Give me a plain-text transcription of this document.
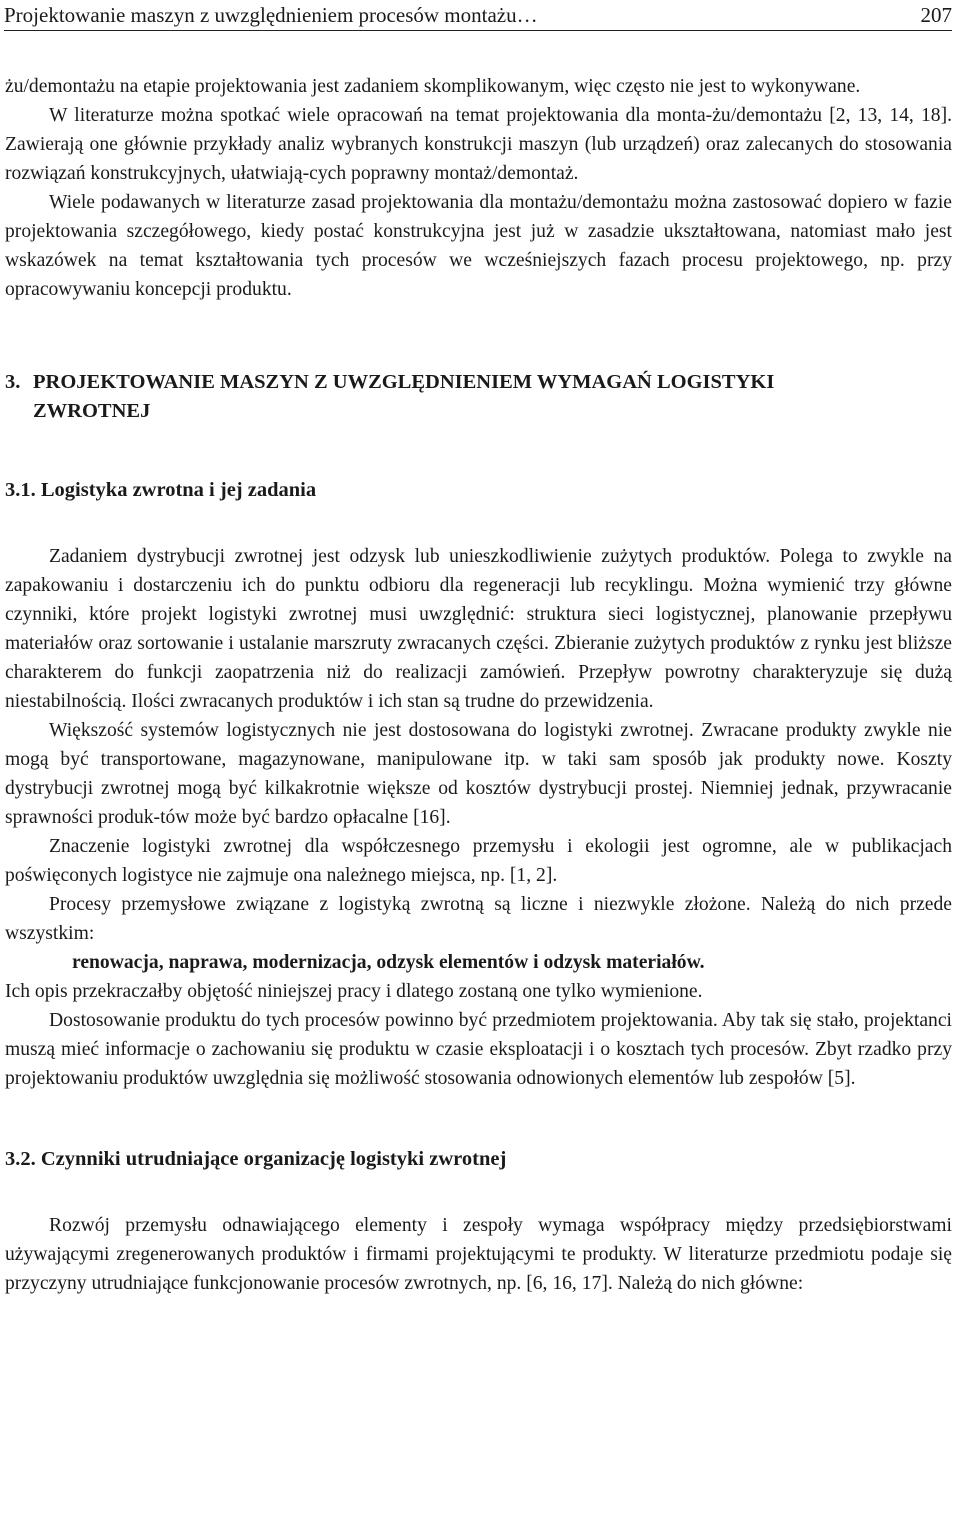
Projektowanie maszyn z uwzględnieniem procesów montażu…	207

żu/demontażu na etapie projektowania jest zadaniem skomplikowanym, więc często nie jest to wykonywane.

W literaturze można spotkać wiele opracowań na temat projektowania dla monta-żu/demontażu [2, 13, 14, 18]. Zawierają one głównie przykłady analiz wybranych konstrukcji maszyn (lub urządzeń) oraz zalecanych do stosowania rozwiązań konstrukcyjnych, ułatwiają-cych poprawny montaż/demontaż.

Wiele podawanych w literaturze zasad projektowania dla montażu/demontażu można zastosować dopiero w fazie projektowania szczegółowego, kiedy postać konstrukcyjna jest już w zasadzie ukształtowana, natomiast mało jest wskazówek na temat kształtowania tych procesów we wcześniejszych fazach procesu projektowego, np. przy opracowywaniu koncepcji produktu.

3. PROJEKTOWANIE MASZYN Z UWZGLĘDNIENIEM WYMAGAŃ LOGISTYKI
ZWROTNEJ
3.1. Logistyka zwrotna i jej zadania

Zadaniem dystrybucji zwrotnej jest odzysk lub unieszkodliwienie zużytych produktów. Polega to zwykle na zapakowaniu i dostarczeniu ich do punktu odbioru dla regeneracji lub recyklingu. Można wymienić trzy główne czynniki, które projekt logistyki zwrotnej musi uwzględnić: struktura sieci logistycznej, planowanie przepływu materiałów oraz sortowanie i ustalanie marszruty zwracanych części. Zbieranie zużytych produktów z rynku jest bliższe charakterem do funkcji zaopatrzenia niż do realizacji zamówień. Przepływ powrotny charakteryzuje się dużą niestabilnością. Ilości zwracanych produktów i ich stan są trudne do przewidzenia.

Większość systemów logistycznych nie jest dostosowana do logistyki zwrotnej. Zwracane produkty zwykle nie mogą być transportowane, magazynowane, manipulowane itp. w taki sam sposób jak produkty nowe. Koszty dystrybucji zwrotnej mogą być kilkakrotnie większe od kosztów dystrybucji prostej. Niemniej jednak, przywracanie sprawności produk-tów może być bardzo opłacalne [16].

Znaczenie logistyki zwrotnej dla współczesnego przemysłu i ekologii jest ogromne, ale w publikacjach poświęconych logistyce nie zajmuje ona należnego miejsca, np. [1, 2].

Procesy przemysłowe związane z logistyką zwrotną są liczne i niezwykle złożone. Należą do nich przede wszystkim:

renowacja, naprawa, modernizacja, odzysk elementów i odzysk materiałów.

Ich opis przekraczałby objętość niniejszej pracy i dlatego zostaną one tylko wymienione.

Dostosowanie produktu do tych procesów powinno być przedmiotem projektowania. Aby tak się stało, projektanci muszą mieć informacje o zachowaniu się produktu w czasie eksploatacji i o kosztach tych procesów. Zbyt rzadko przy projektowaniu produktów uwzględnia się możliwość stosowania odnowionych elementów lub zespołów [5].

3.2. Czynniki utrudniające organizację logistyki zwrotnej

Rozwój przemysłu odnawiającego elementy i zespoły wymaga współpracy między przedsiębiorstwami używającymi zregenerowanych produktów i firmami projektującymi te produkty. W literaturze przedmiotu podaje się przyczyny utrudniające funkcjonowanie procesów zwrotnych, np. [6, 16, 17]. Należą do nich główne:
